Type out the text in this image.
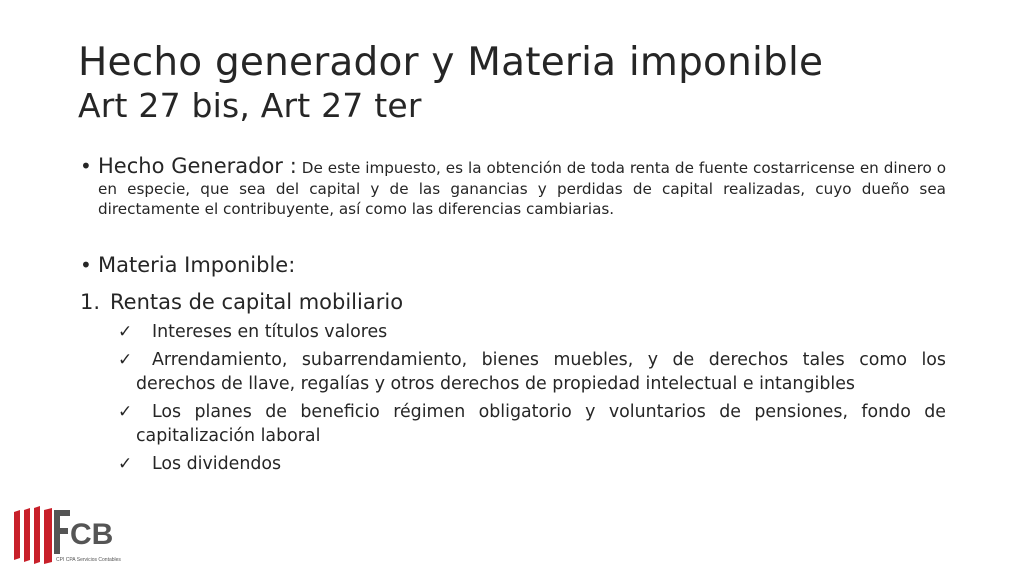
Hecho generador y Materia imponible
Art 27 bis, Art 27 ter
• Hecho Generador : De este impuesto, es la obtención de toda renta de fuente costarricense en dinero o en especie, que sea del capital y de las ganancias y perdidas de capital realizadas, cuyo dueño sea directamente el contribuyente, así como las diferencias cambiarias.
• Materia Imponible:
1. Rentas de capital mobiliario
✓ Intereses en títulos valores
✓ Arrendamiento, subarrendamiento, bienes muebles, y de derechos tales como los derechos de llave, regalías y otros derechos de propiedad intelectual e intangibles
✓ Los planes de beneficio régimen obligatorio y voluntarios de pensiones, fondo de capitalización laboral
✓ Los dividendos
CB
CPI CPA Servicios Contables
